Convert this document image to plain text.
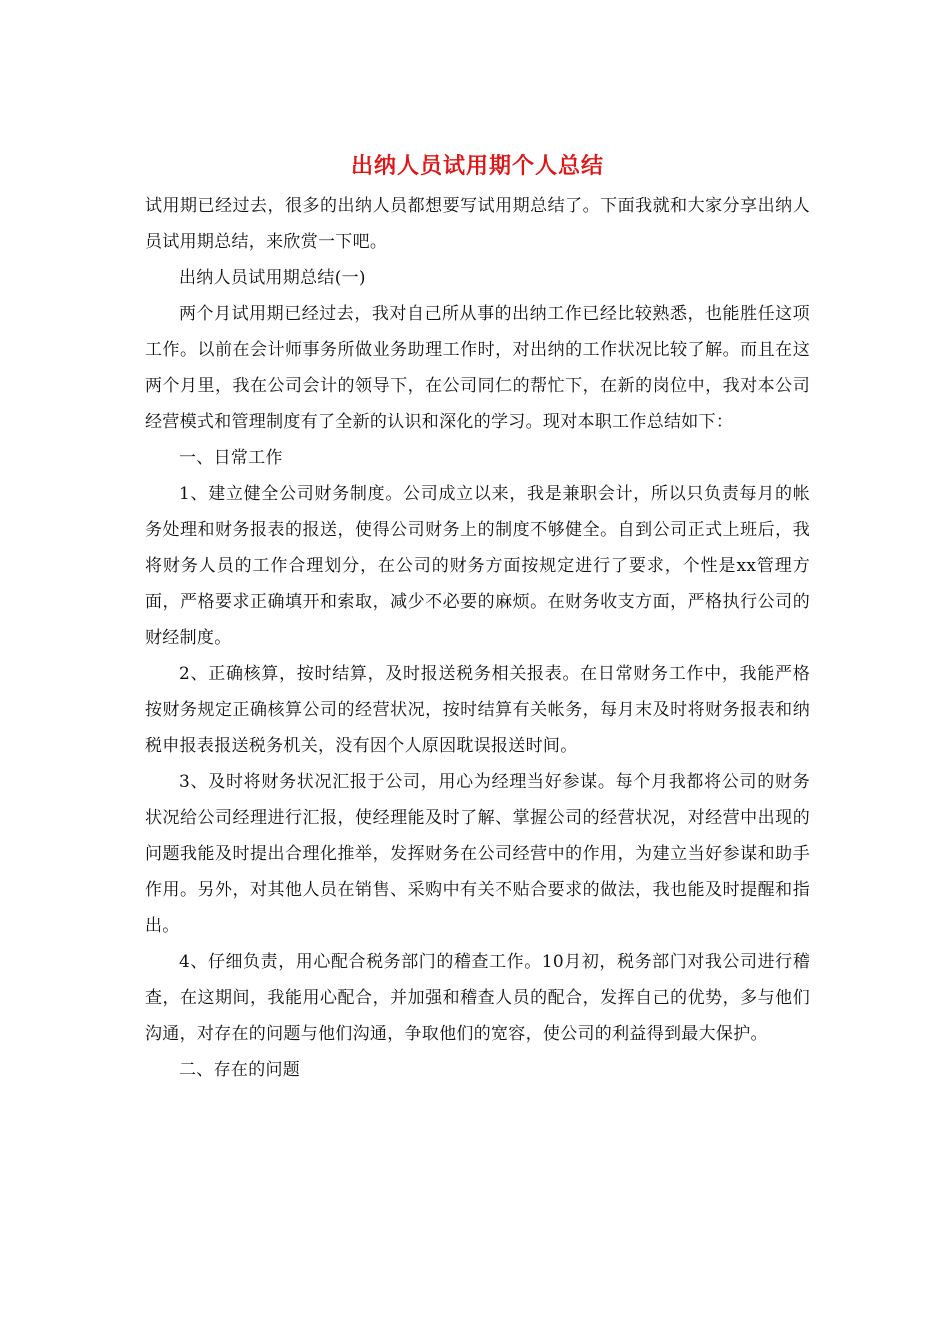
出纳人员试用期个人总结

试用期已经过去，很多的出纳人员都想要写试用期总结了。下面我就和大家分享出纳人员试用期总结，来欣赏一下吧。

出纳人员试用期总结(一)

两个月试用期已经过去，我对自己所从事的出纳工作已经比较熟悉，也能胜任这项工作。以前在会计师事务所做业务助理工作时，对出纳的工作状况比较了解。而且在这两个月里，我在公司会计的领导下，在公司同仁的帮忙下，在新的岗位中，我对本公司经营模式和管理制度有了全新的认识和深化的学习。现对本职工作总结如下：

一、日常工作

1、建立健全公司财务制度。公司成立以来，我是兼职会计，所以只负责每月的帐务处理和财务报表的报送，使得公司财务上的制度不够健全。自到公司正式上班后，我将财务人员的工作合理划分，在公司的财务方面按规定进行了要求，个性是xx管理方面，严格要求正确填开和索取，减少不必要的麻烦。在财务收支方面，严格执行公司的财经制度。

2、正确核算，按时结算，及时报送税务相关报表。在日常财务工作中，我能严格按财务规定正确核算公司的经营状况，按时结算有关帐务，每月末及时将财务报表和纳税申报表报送税务机关，没有因个人原因耽误报送时间。

3、及时将财务状况汇报于公司，用心为经理当好参谋。每个月我都将公司的财务状况给公司经理进行汇报，使经理能及时了解、掌握公司的经营状况，对经营中出现的问题我能及时提出合理化推举，发挥财务在公司经营中的作用，为建立当好参谋和助手作用。另外，对其他人员在销售、采购中有关不贴合要求的做法，我也能及时提醒和指出。

4、仔细负责，用心配合税务部门的稽查工作。10月初，税务部门对我公司进行稽查，在这期间，我能用心配合，并加强和稽查人员的配合，发挥自己的优势，多与他们沟通，对存在的问题与他们沟通，争取他们的宽容，使公司的利益得到最大保护。

二、存在的问题
